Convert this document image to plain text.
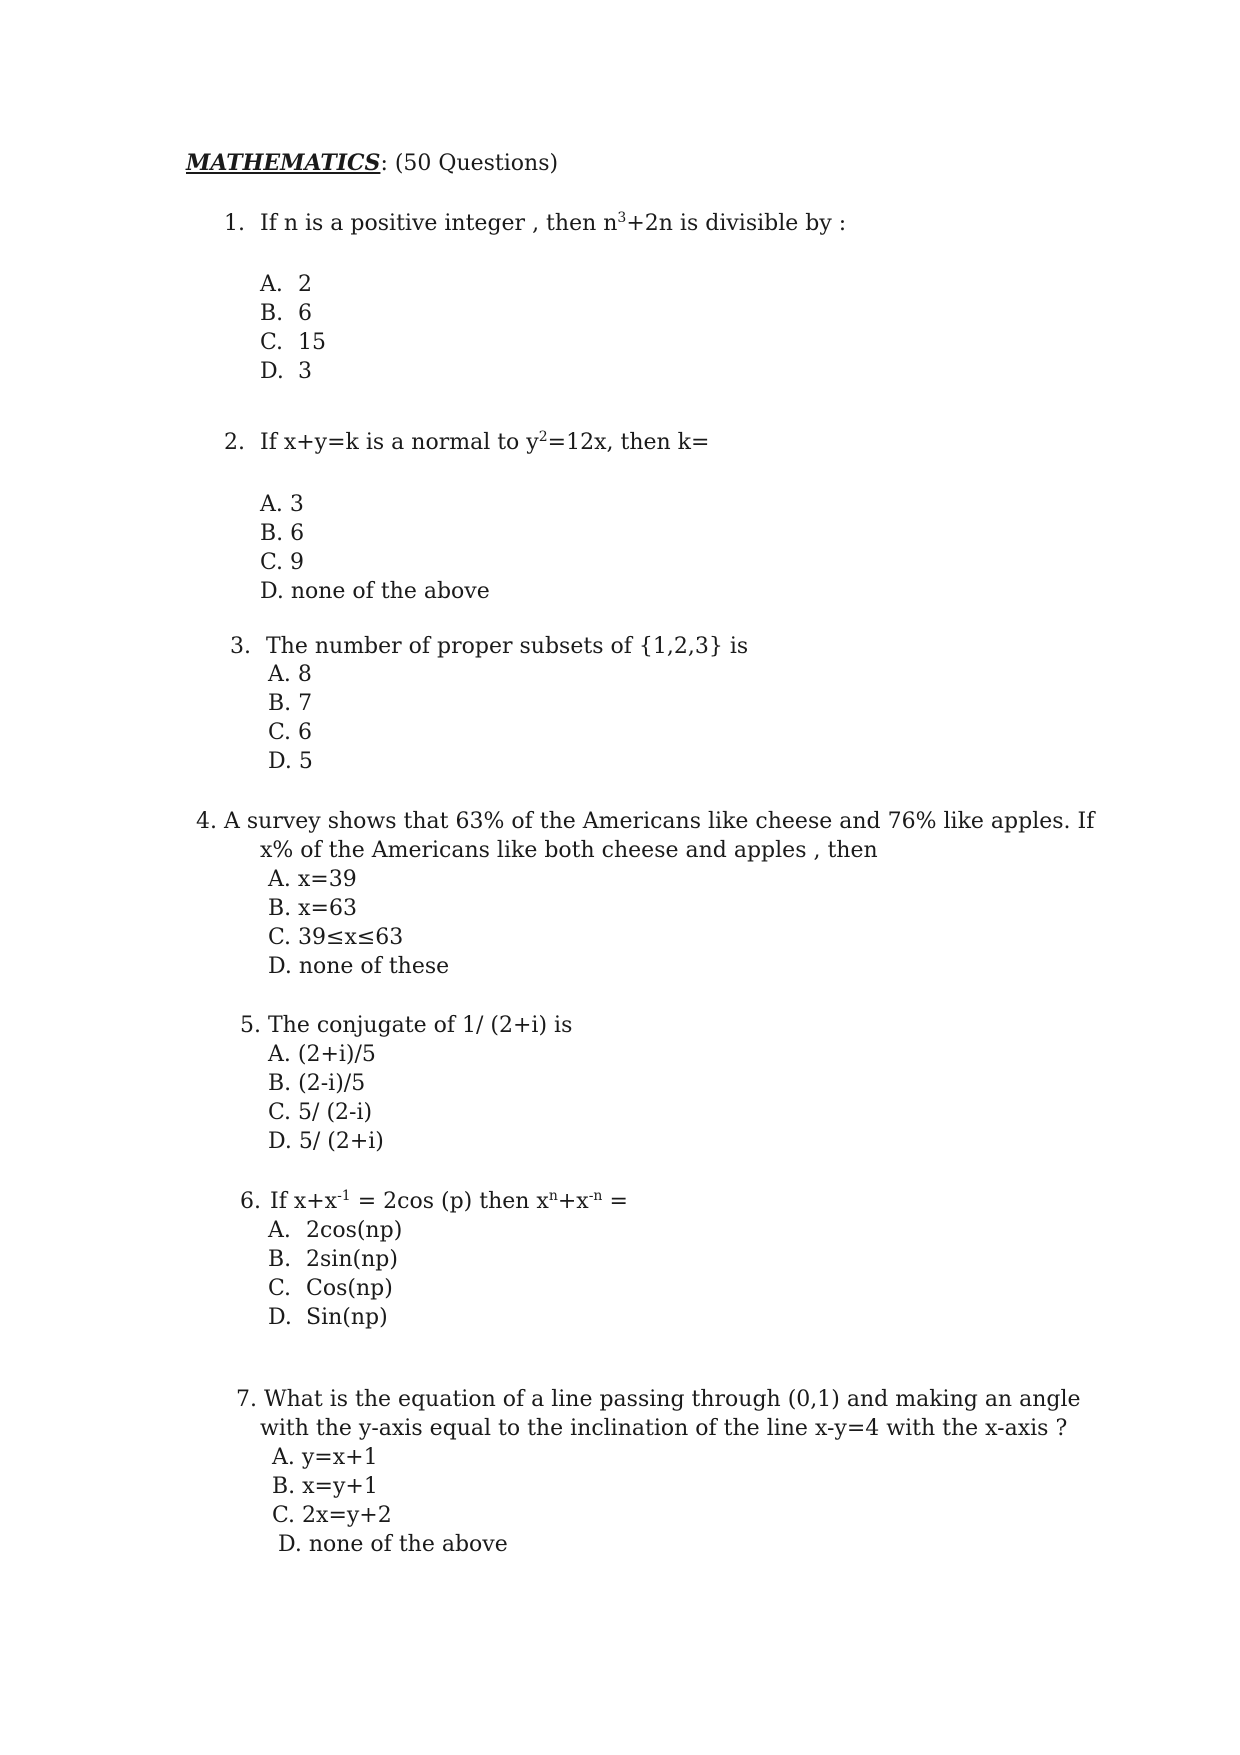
MATHEMATICS: (50 Questions)
1. If n is a positive integer , then $n^3+2n$ is divisible by :
A. 2
B. 6
C. 15
D. 3
2. If x+y=k is a normal to $y^2=12x$, then k=
A. 3
B. 6
C. 9
D. none of the above
3. The number of proper subsets of {1,2,3} is
A. 8
B. 7
C. 6
D. 5
4. A survey shows that 63% of the Americans like cheese and 76% like apples. If
x% of the Americans like both cheese and apples , then
A. x=39
B. x=63
C. 39≤x≤63
D. none of these
5. The conjugate of 1/ (2+i) is
A. (2+i)/5
B. (2-i)/5
C. 5/ (2-i)
D. 5/ (2+i)
6. If $x+x^{-1} = 2\cos$ (p) then $x^n+x^{-n}$ =
A. 2cos(np)
B. 2sin(np)
C. Cos(np)
D. Sin(np)
7. What is the equation of a line passing through (0,1) and making an angle
with the y-axis equal to the inclination of the line x-y=4 with the x-axis ?
A. y=x+1
B. x=y+1
C. 2x=y+2
D. none of the above
